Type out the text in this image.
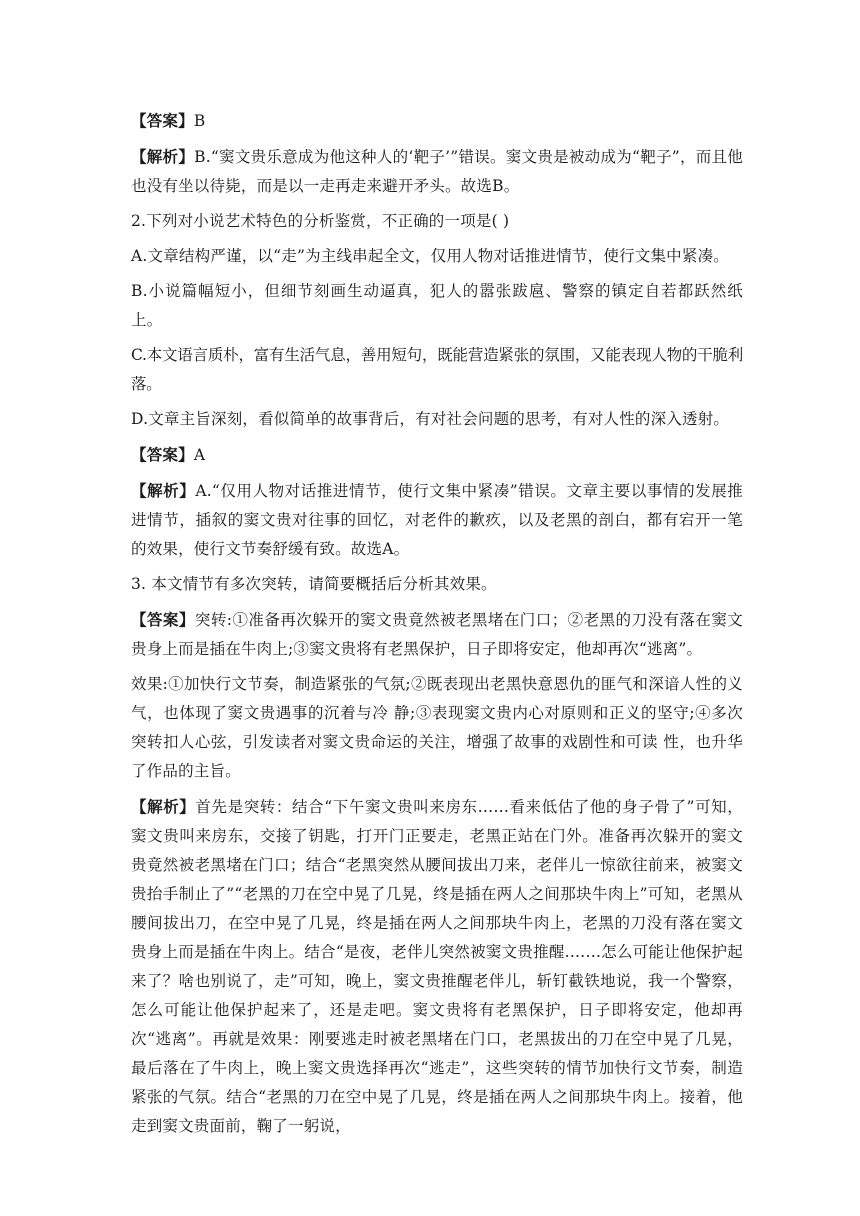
【答案】B

【解析】B.“窦文贵乐意成为他这种人的‘靶子’”错误。窦文贵是被动成为“靶子”，而且他也没有坐以待毙，而是以一走再走来避开矛头。故选B。

2.下列对小说艺术特色的分析鉴赏，不正确的一项是( )

A.文章结构严谨，以“走”为主线串起全文，仅用人物对话推进情节，使行文集中紧凑。

B.小说篇幅短小，但细节刻画生动逼真，犯人的嚣张跋扈、警察的镇定自若都跃然纸上。

C.本文语言质朴，富有生活气息，善用短句，既能营造紧张的氛围，又能表现人物的干脆利落。

D.文章主旨深刻，看似简单的故事背后，有对社会问题的思考，有对人性的深入透射。

【答案】A

【解析】A.“仅用人物对话推进情节，使行文集中紧凑”错误。文章主要以事情的发展推进情节，插叙的窦文贵对往事的回忆，对老件的歉疚，以及老黑的剖白，都有宕开一笔的效果，使行文节奏舒缓有致。故选A。

3. 本文情节有多次突转，请简要概括后分析其效果。

【答案】突转:①准备再次躲开的窦文贵竟然被老黑堵在门口；②老黑的刀没有落在窦文贵身上而是插在牛肉上;③窦文贵将有老黑保护，日子即将安定，他却再次“逃离”。

效果:①加快行文节奏，制造紧张的气氛;②既表现出老黑快意恩仇的匪气和深谙人性的义气，也体现了窦文贵遇事的沉着与冷 静;③表现窦文贵内心对原则和正义的坚守;④多次突转扣人心弦，引发读者对窦文贵命运的关注，增强了故事的戏剧性和可读 性，也升华了作品的主旨。

【解析】首先是突转：结合“下午窦文贵叫来房东……看来低估了他的身子骨了”可知，窦文贵叫来房东，交接了钥匙，打开门正要走，老黑正站在门外。准备再次躲开的窦文贵竟然被老黑堵在门口；结合“老黑突然从腰间拔出刀来，老伴儿一惊欲往前来，被窦文贵抬手制止了”“老黑的刀在空中晃了几晃，终是插在两人之间那块牛肉上”可知，老黑从腰间拔出刀，在空中晃了几晃，终是插在两人之间那块牛肉上，老黑的刀没有落在窦文贵身上而是插在牛肉上。结合“是夜，老伴儿突然被窦文贵推醒.……怎么可能让他保护起来了？啥也别说了，走”可知，晚上，窦文贵推醒老伴儿，斩钉截铁地说，我一个警察，怎么可能让他保护起来了，还是走吧。窦文贵将有老黑保护，日子即将安定，他却再次“逃离”。再就是效果：刚要逃走时被老黑堵在门口，老黑拔出的刀在空中晃了几晃，最后落在了牛肉上，晚上窦文贵选择再次“逃走”，这些突转的情节加快行文节奏，制造紧张的气氛。结合“老黑的刀在空中晃了几晃，终是插在两人之间那块牛肉上。接着，他走到窦文贵面前，鞠了一躬说，
